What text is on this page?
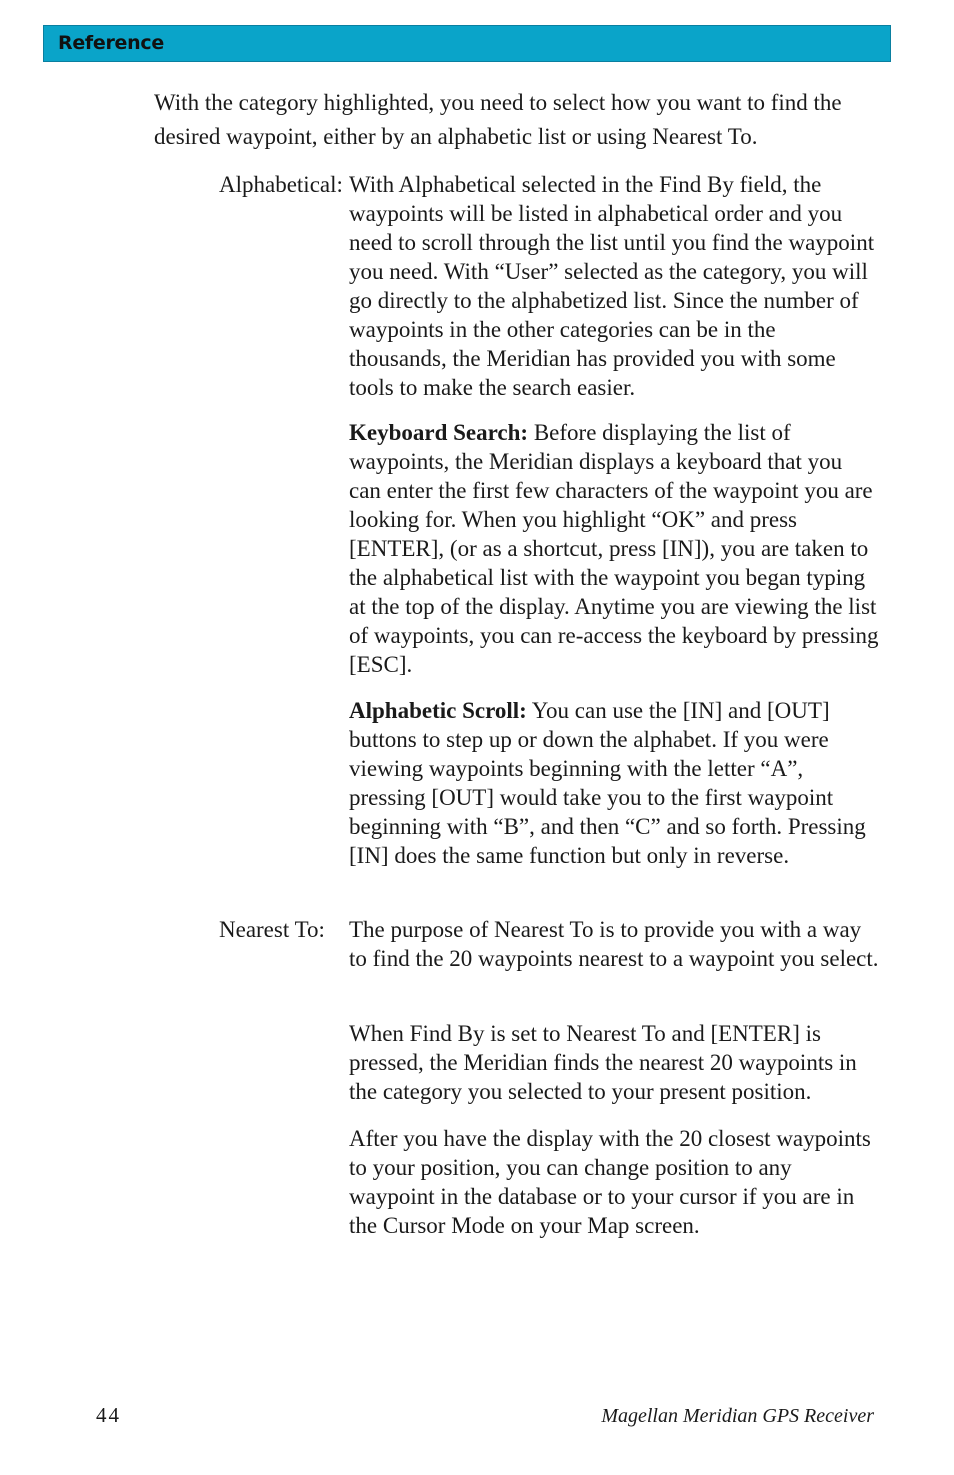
Reference

With the category highlighted, you need to select how you want to find the desired waypoint, either by an alphabetic list or using Nearest To.

Alphabetical: With Alphabetical selected in the Find By field, the waypoints will be listed in alphabetical order and you need to scroll through the list until you find the waypoint you need. With “User” selected as the category, you will go directly to the alphabetized list. Since the number of waypoints in the other categories can be in the thousands, the Meridian has provided you with some tools to make the search easier.

Keyboard Search: Before displaying the list of waypoints, the Meridian displays a keyboard that you can enter the first few characters of the waypoint you are looking for. When you highlight “OK” and press [ENTER], (or as a shortcut, press [IN]), you are taken to the alphabetical list with the waypoint you began typing at the top of the display. Anytime you are viewing the list of waypoints, you can re-access the keyboard by pressing [ESC].

Alphabetic Scroll: You can use the [IN] and [OUT] buttons to step up or down the alphabet. If you were viewing waypoints beginning with the letter “A”, pressing [OUT] would take you to the first waypoint beginning with “B”, and then “C” and so forth. Pressing [IN] does the same function but only in reverse.

Nearest To: The purpose of Nearest To is to provide you with a way to find the 20 waypoints nearest to a waypoint you select.

When Find By is set to Nearest To and [ENTER] is pressed, the Meridian finds the nearest 20 waypoints in the category you selected to your present position.

After you have the display with the 20 closest waypoints to your position, you can change position to any waypoint in the database or to your cursor if you are in the Cursor Mode on your Map screen.

44	Magellan Meridian GPS Receiver
